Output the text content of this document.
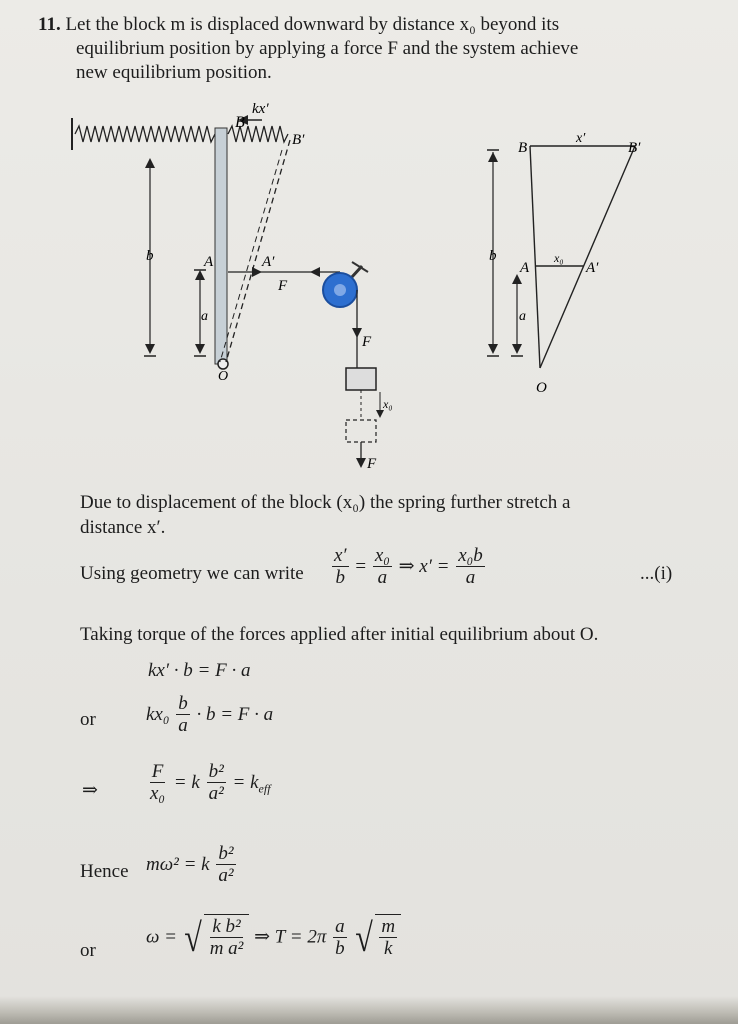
11. Let the block m is displaced downward by distance x₀ beyond its
equilibrium position by applying a force F and the system achieve
new equilibrium position.
B
kx′
B′
b
a
A	A′
F
F
x₀
F
O
B
x′
B′
A
x₀
A′
O
b
a
Due to displacement of the block (x₀) the spring further stretch a
distance x′.
Using geometry we can write $\frac{x'}{b} = \frac{\text{x₀}}{a}$ ⇒ $x' = \frac{\text{x₀b}}{a}$	...(i)
Taking torque of the forces applied after initial equilibrium about O.
kx′ · b = F · a
or	$kx_0 \frac{b}{a} \cdot b = F \cdot a$
⇒	$\frac{F}{\text{x₀}} = k \frac{\text{b²}}{\text{a²}} = k_{eff}$
Hence mω² = k $\frac{\text{b²}}{\text{a²}}$
or
ω = √ $\frac{\text{k b²}}{\text{m a²}}$ ⇒ $T = 2\pi \frac{a}{b}$
√ $\frac{m}{k}$
